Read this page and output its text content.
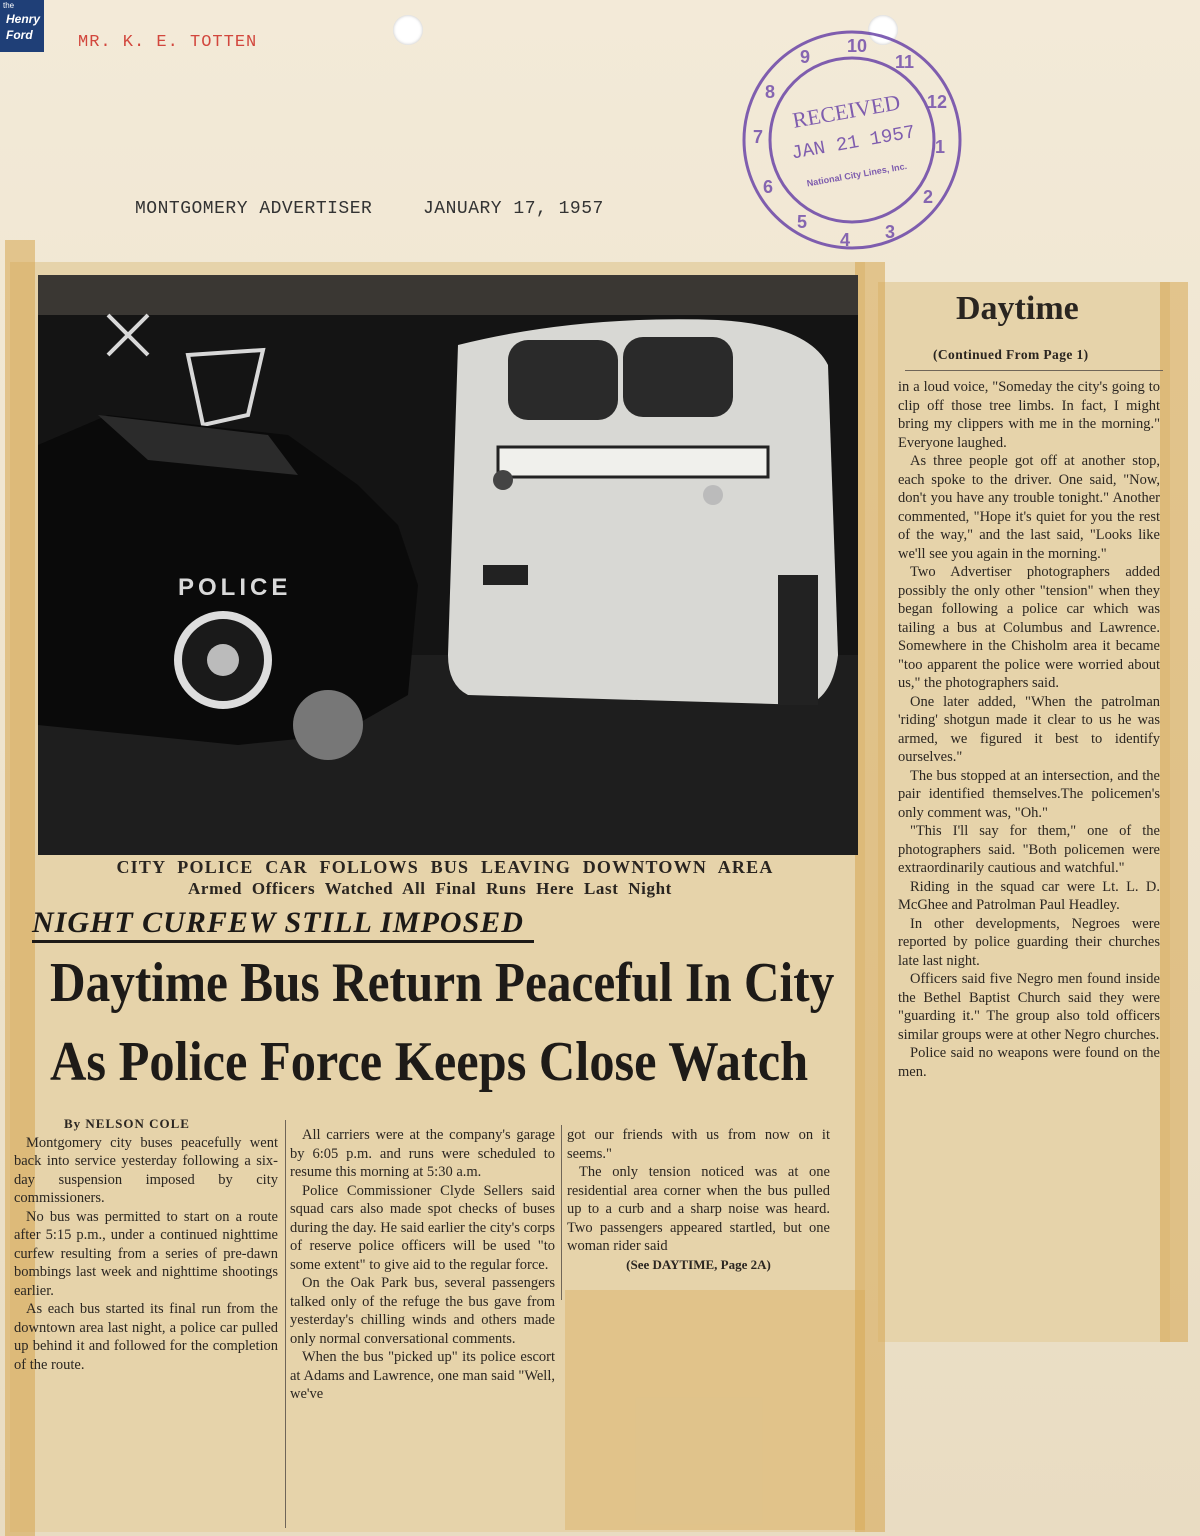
the
Henry
Ford	MR. K. E. TOTTEN
MONTGOMERY ADVERTISER	JANUARY 17, 1957
10
11
12
1
2
3
4
5
6
7
8
9
RECEIVED
JAN 21 1957
National City Lines, Inc.
POLICE
CITY POLICE CAR FOLLOWS BUS LEAVING DOWNTOWN AREA
Armed Officers Watched All Final Runs Here Last Night
NIGHT CURFEW STILL IMPOSED
Daytime Bus Return Peaceful In City
As Police Force Keeps Close Watch

By NELSON COLE

Montgomery city buses peacefully went back into service yesterday following a six-day suspension imposed by city commissioners.

No bus was permitted to start on a route after 5:15 p.m., under a continued nighttime curfew resulting from a series of pre-dawn bombings last week and nighttime shootings earlier.

As each bus started its final run from the downtown area last night, a police car pulled up behind it and followed for the completion of the route.

All carriers were at the company's garage by 6:05 p.m. and runs were scheduled to resume this morning at 5:30 a.m.

Police Commissioner Clyde Sellers said squad cars also made spot checks of buses during the day. He said earlier the city's corps of reserve police officers will be used "to some extent" to give aid to the regular force.

On the Oak Park bus, several passengers talked only of the refuge the bus gave from yesterday's chilling winds and others made only normal conversational comments.

When the bus "picked up" its police escort at Adams and Lawrence, one man said "Well, we've

got our friends with us from now on it seems."

The only tension noticed was at one residential area corner when the bus pulled up to a curb and a sharp noise was heard. Two passengers appeared startled, but one woman rider said

(See DAYTIME, Page 2A)

Daytime
(Continued From Page 1)

in a loud voice, "Someday the city's going to clip off those tree limbs. In fact, I might bring my clippers with me in the morning." Everyone laughed.

As three people got off at another stop, each spoke to the driver. One said, "Now, don't you have any trouble tonight." Another commented, "Hope it's quiet for you the rest of the way," and the last said, "Looks like we'll see you again in the morning."

Two Advertiser photographers added possibly the only other "tension" when they began following a police car which was tailing a bus at Columbus and Lawrence. Somewhere in the Chisholm area it became "too apparent the police were worried about us," the photographers said.

One later added, "When the patrolman 'riding' shotgun made it clear to us he was armed, we figured it best to identify ourselves."

The bus stopped at an intersection, and the pair identified themselves.The policemen's only comment was, "Oh."

"This I'll say for them," one of the photographers said. "Both policemen were extraordinarily cautious and watchful."

Riding in the squad car were Lt. L. D. McGhee and Patrolman Paul Headley.

In other developments, Negroes were reported by police guarding their churches late last night.

Officers said five Negro men found inside the Bethel Baptist Church said they were "guarding it." The group also told officers similar groups were at other Negro churches.

Police said no weapons were found on the men.
